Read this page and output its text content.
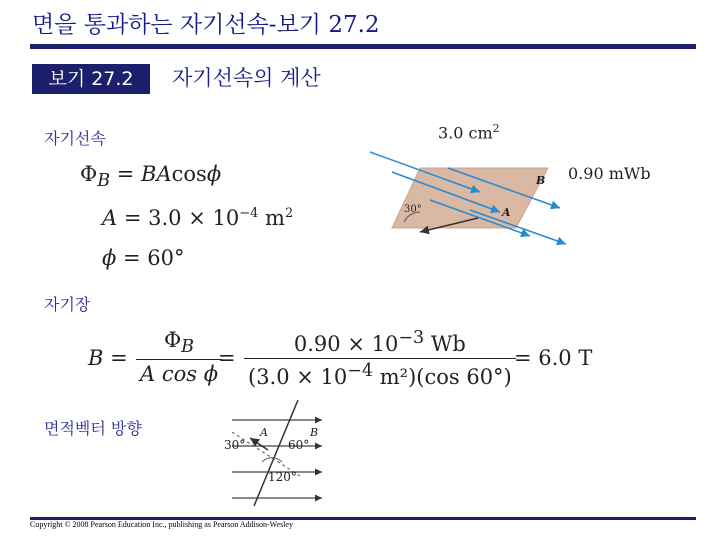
면을 통과하는 자기선속-보기 27.2
보기 27.2	자기선속의 계산
자기선속
자기장
면적벡터 방향
$\Phi_B = BAcos\phi$
$A = 3.0 \times 10^{-4}$ $m^2$
ϕ = 60°
$B = \frac{\Phi_B}{\text{A cos ϕ}}$
= $\frac{0.90 \times 10^{-3} Wb}{(3.0 \times 10^{-4} m^2)(\cos 60^\circ)}$
= 6.0 T
3.0 $cm^2$
0.90 mWb
B
A
30°
30°
A
60°
B
120°
Copyright © 2008 Pearson Education Inc., publishing as Pearson Addison-Wesley
